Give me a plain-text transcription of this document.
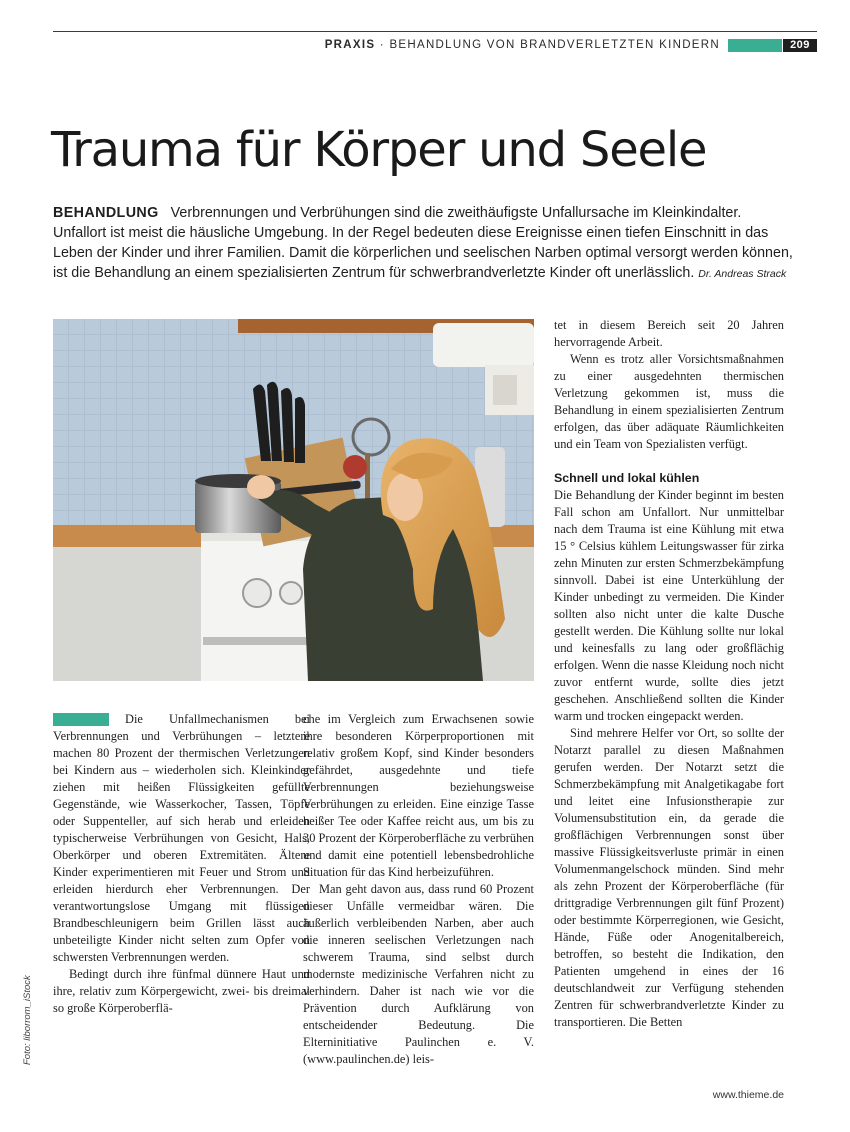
PRAXIS · BEHANDLUNG VON BRANDVERLETZTEN KINDERN	209
Trauma für Körper und Seele
BEHANDLUNG Verbrennungen und Verbrühungen sind die zweithäufigste Unfallursache im Kleinkindalter. Unfallort ist meist die häusliche Umgebung. In der Regel bedeuten diese Ereignisse einen tiefen Einschnitt in das Leben der Kinder und ihrer Familien. Damit die körperlichen und seelischen Narben optimal versorgt werden können, ist die Behandlung an einem spezialisierten Zentrum für schwerbrandverletzte Kinder oft unerlässlich. Dr. Andreas Strack
Foto: liborrom_iStock

Die Unfallmechanismen bei Verbrennungen und Verbrühungen – letztere machen 80 Prozent der thermischen Verletzungen bei Kindern aus – wiederholen sich. Kleinkinder ziehen mit heißen Flüssigkeiten gefüllte Gegenstände, wie Wasserkocher, Tassen, Töpfe oder Suppenteller, auf sich herab und erleiden typischerweise Verbrühungen von Gesicht, Hals, Oberkörper und oberen Extremitäten. Ältere Kinder experimentieren mit Feuer und Strom und erleiden hierdurch eher Verbrennungen. Der verantwortungslose Umgang mit flüssigen Brandbeschleunigern beim Grillen lässt auch unbeteiligte Kinder nicht selten zum Opfer von schwersten Verbrennungen werden.

Bedingt durch ihre fünfmal dünnere Haut und ihre, relativ zum Körpergewicht, zwei- bis dreimal so große Körperoberflä-

che im Vergleich zum Erwachsenen sowie ihre besonderen Körperproportionen mit relativ großem Kopf, sind Kinder besonders gefährdet, ausgedehnte und tiefe Verbrennungen beziehungsweise Verbrühungen zu erleiden. Eine einzige Tasse heißer Tee oder Kaffee reicht aus, um bis zu 30 Prozent der Körperoberfläche zu verbrühen und damit eine potentiell lebensbedrohliche Situation für das Kind herbeizuführen.

Man geht davon aus, dass rund 60 Prozent dieser Unfälle vermeidbar wären. Die äußerlich verbleibenden Narben, aber auch die inneren seelischen Verletzungen nach schwerem Trauma, sind selbst durch modernste medizinische Verfahren nicht zu verhindern. Daher ist nach wie vor die Prävention durch Aufklärung von entscheidender Bedeutung. Die Elterninitiative Paulinchen e. V. (www.paulinchen.de) leis-

tet in diesem Bereich seit 20 Jahren hervorragende Arbeit.

Wenn es trotz aller Vorsichtsmaßnahmen zu einer ausgedehnten thermischen Verletzung gekommen ist, muss die Behandlung in einem spezialisierten Zentrum erfolgen, das über adäquate Räumlichkeiten und ein Team von Spezialisten verfügt.

Schnell und lokal kühlen

Die Behandlung der Kinder beginnt im besten Fall schon am Unfallort. Nur unmittelbar nach dem Trauma ist eine Kühlung mit etwa 15 ° Celsius kühlem Leitungswasser für zirka zehn Minuten zur ersten Schmerzbekämpfung sinnvoll. Dabei ist eine Unterkühlung der Kinder unbedingt zu vermeiden. Die Kinder sollten also nicht unter die kalte Dusche gestellt werden. Die Kühlung sollte nur lokal und keinesfalls zu lang oder großflächig erfolgen. Wenn die nasse Kleidung noch nicht zuvor entfernt wurde, sollte dies jetzt geschehen. Anschließend sollten die Kinder warm und trocken eingepackt werden.

Sind mehrere Helfer vor Ort, so sollte der Notarzt parallel zu diesen Maßnahmen gerufen werden. Der Notarzt setzt die Schmerzbekämpfung mit Analgetikagabe fort und leitet eine Infusionstherapie zur Volumensubstitution ein, da gerade die großflächigen Verbrennungen sonst über massive Flüssigkeitsverluste primär in einen Volumenmangelschock münden. Sind mehr als zehn Prozent der Körperoberfläche (für drittgradige Verbrennungen gilt fünf Prozent) oder bestimmte Körperregionen, wie Gesicht, Hände, Füße oder Anogenitalbereich, betroffen, so besteht die Indikation, den Patienten umgehend in eines der 16 deutschlandweit zur Verfügung stehenden Zentren für schwerbrandverletzte Kinder zu transportieren. Die Betten

www.thieme.de
